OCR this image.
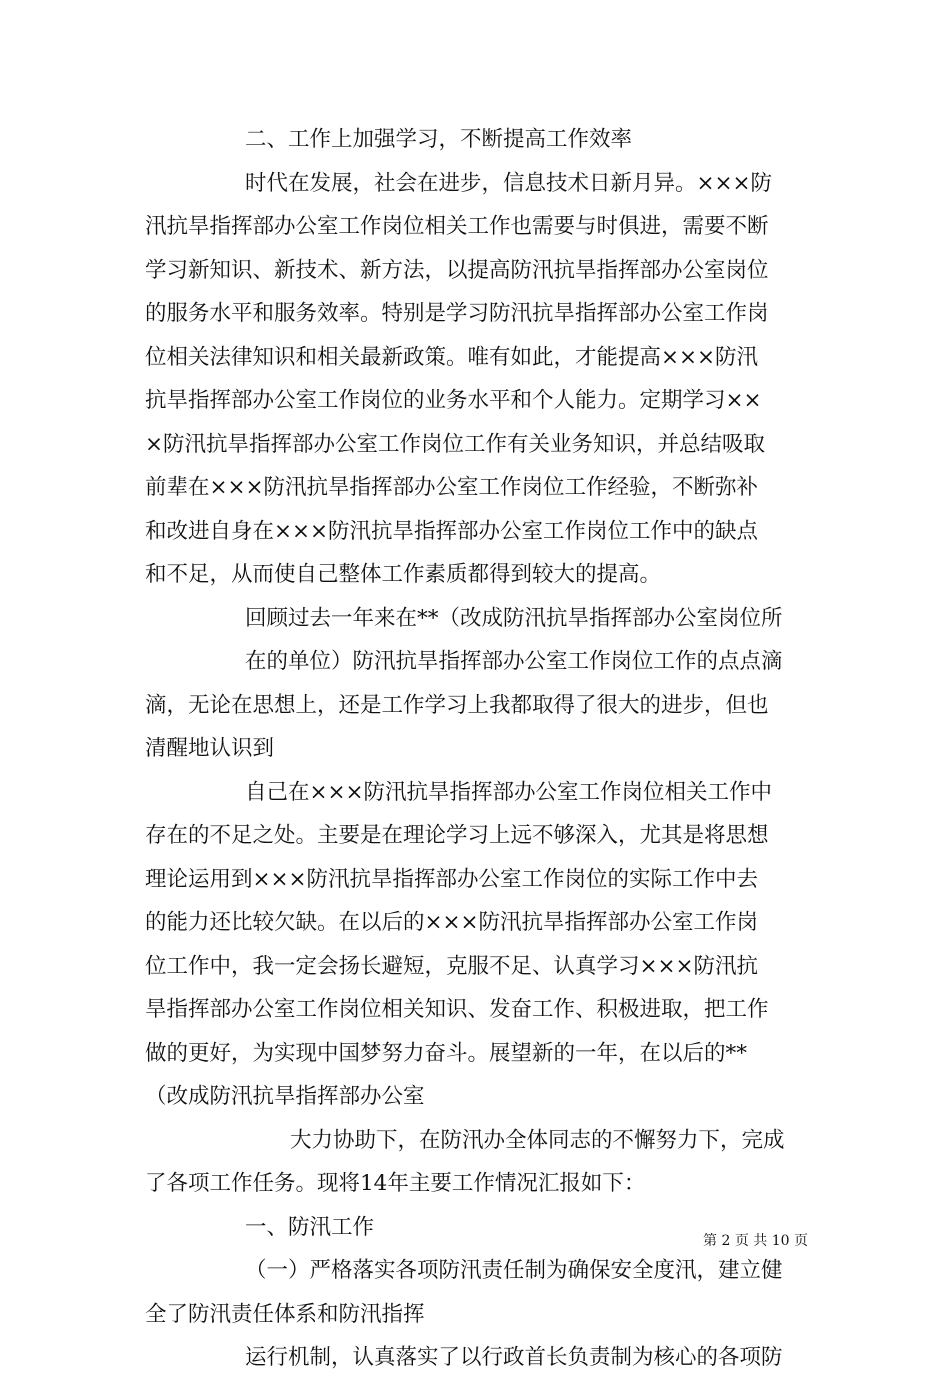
二、工作上加强学习，不断提高工作效率
时代在发展，社会在进步，信息技术日新月异。×××防
汛抗旱指挥部办公室工作岗位相关工作也需要与时俱进，需要不断
学习新知识、新技术、新方法，以提高防汛抗旱指挥部办公室岗位
的服务水平和服务效率。特别是学习防汛抗旱指挥部办公室工作岗
位相关法律知识和相关最新政策。唯有如此，才能提高×××防汛
抗旱指挥部办公室工作岗位的业务水平和个人能力。定期学习××
×防汛抗旱指挥部办公室工作岗位工作有关业务知识，并总结吸取
前辈在×××防汛抗旱指挥部办公室工作岗位工作经验，不断弥补
和改进自身在×××防汛抗旱指挥部办公室工作岗位工作中的缺点
和不足，从而使自己整体工作素质都得到较大的提高。
回顾过去一年来在**（改成防汛抗旱指挥部办公室岗位所
在的单位）防汛抗旱指挥部办公室工作岗位工作的点点滴
滴，无论在思想上，还是工作学习上我都取得了很大的进步，但也
清醒地认识到
自己在×××防汛抗旱指挥部办公室工作岗位相关工作中
存在的不足之处。主要是在理论学习上远不够深入，尤其是将思想
理论运用到×××防汛抗旱指挥部办公室工作岗位的实际工作中去
的能力还比较欠缺。在以后的×××防汛抗旱指挥部办公室工作岗
位工作中，我一定会扬长避短，克服不足、认真学习×××防汛抗
旱指挥部办公室工作岗位相关知识、发奋工作、积极进取，把工作
做的更好，为实现中国梦努力奋斗。展望新的一年，在以后的**
（改成防汛抗旱指挥部办公室
大力协助下，在防汛办全体同志的不懈努力下，完成
了各项工作任务。现将14年主要工作情况汇报如下：
一、防汛工作
（一）严格落实各项防汛责任制为确保安全度汛，建立健
全了防汛责任体系和防汛指挥
运行机制，认真落实了以行政首长负责制为核心的各项防
第 2 页 共 10 页
